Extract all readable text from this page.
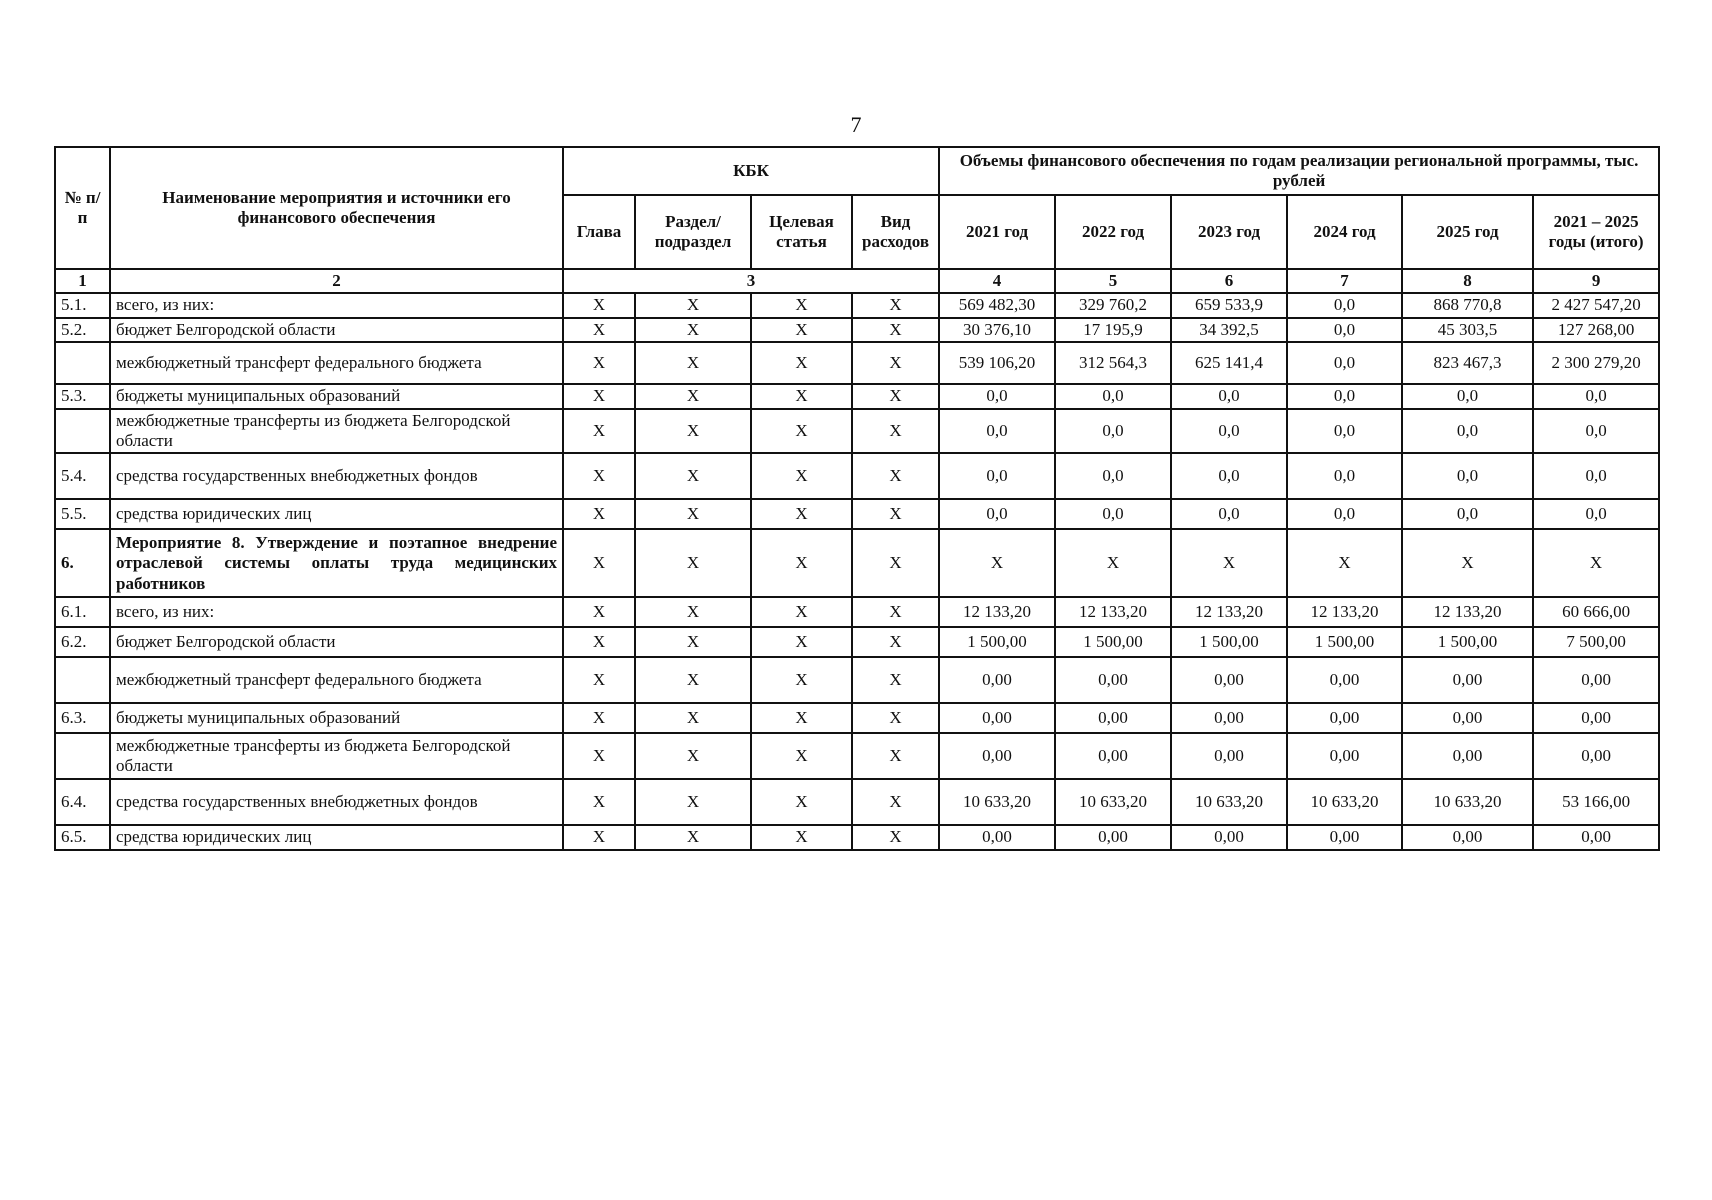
7
№ п/п	Наименование мероприятия и источники его финансового обеспечения	КБК				Объемы финансового обеспечения по годам реализации региональной программы, тыс. рублей					
		Глава	Раздел/ подраздел	Целевая статья	Вид расходов	2021 год	2022 год	2023 год	2024 год	2025 год	2021 – 2025 годы (итого)
1	2	3				4	5	6	7	8	9
5.1.	всего, из них:	Х	Х	Х	Х	569 482,30	329 760,2	659 533,9	0,0	868 770,8	2 427 547,20
5.2.	бюджет Белгородской области	Х	Х	Х	Х	30 376,10	17 195,9	34 392,5	0,0	45 303,5	127 268,00
	межбюджетный трансферт федерального бюджета	Х	Х	Х	Х	539 106,20	312 564,3	625 141,4	0,0	823 467,3	2 300 279,20
5.3.	бюджеты муниципальных образований	Х	Х	Х	Х	0,0	0,0	0,0	0,0	0,0	0,0
	межбюджетные трансферты из бюджета Белгородской области	Х	Х	Х	Х	0,0	0,0	0,0	0,0	0,0	0,0
5.4.	средства государственных внебюджетных фондов	Х	Х	Х	Х	0,0	0,0	0,0	0,0	0,0	0,0
5.5.	средства юридических лиц	Х	Х	Х	Х	0,0	0,0	0,0	0,0	0,0	0,0
6.	Мероприятие 8. Утверждение и поэтапное внедрение отраслевой системы оплаты труда медицинских работников	Х	Х	Х	Х	Х	Х	Х	Х	Х	Х
6.1.	всего, из них:	Х	Х	Х	Х	12 133,20	12 133,20	12 133,20	12 133,20	12 133,20	60 666,00
6.2.	бюджет Белгородской области	Х	Х	Х	Х	1 500,00	1 500,00	1 500,00	1 500,00	1 500,00	7 500,00
	межбюджетный трансферт федерального бюджета	Х	Х	Х	Х	0,00	0,00	0,00	0,00	0,00	0,00
6.3.	бюджеты муниципальных образований	Х	Х	Х	Х	0,00	0,00	0,00	0,00	0,00	0,00
	межбюджетные трансферты из бюджета Белгородской области	Х	Х	Х	Х	0,00	0,00	0,00	0,00	0,00	0,00
6.4.	средства государственных внебюджетных фондов	Х	Х	Х	Х	10 633,20	10 633,20	10 633,20	10 633,20	10 633,20	53 166,00
6.5.	средства юридических лиц	Х	Х	Х	Х	0,00	0,00	0,00	0,00	0,00	0,00
